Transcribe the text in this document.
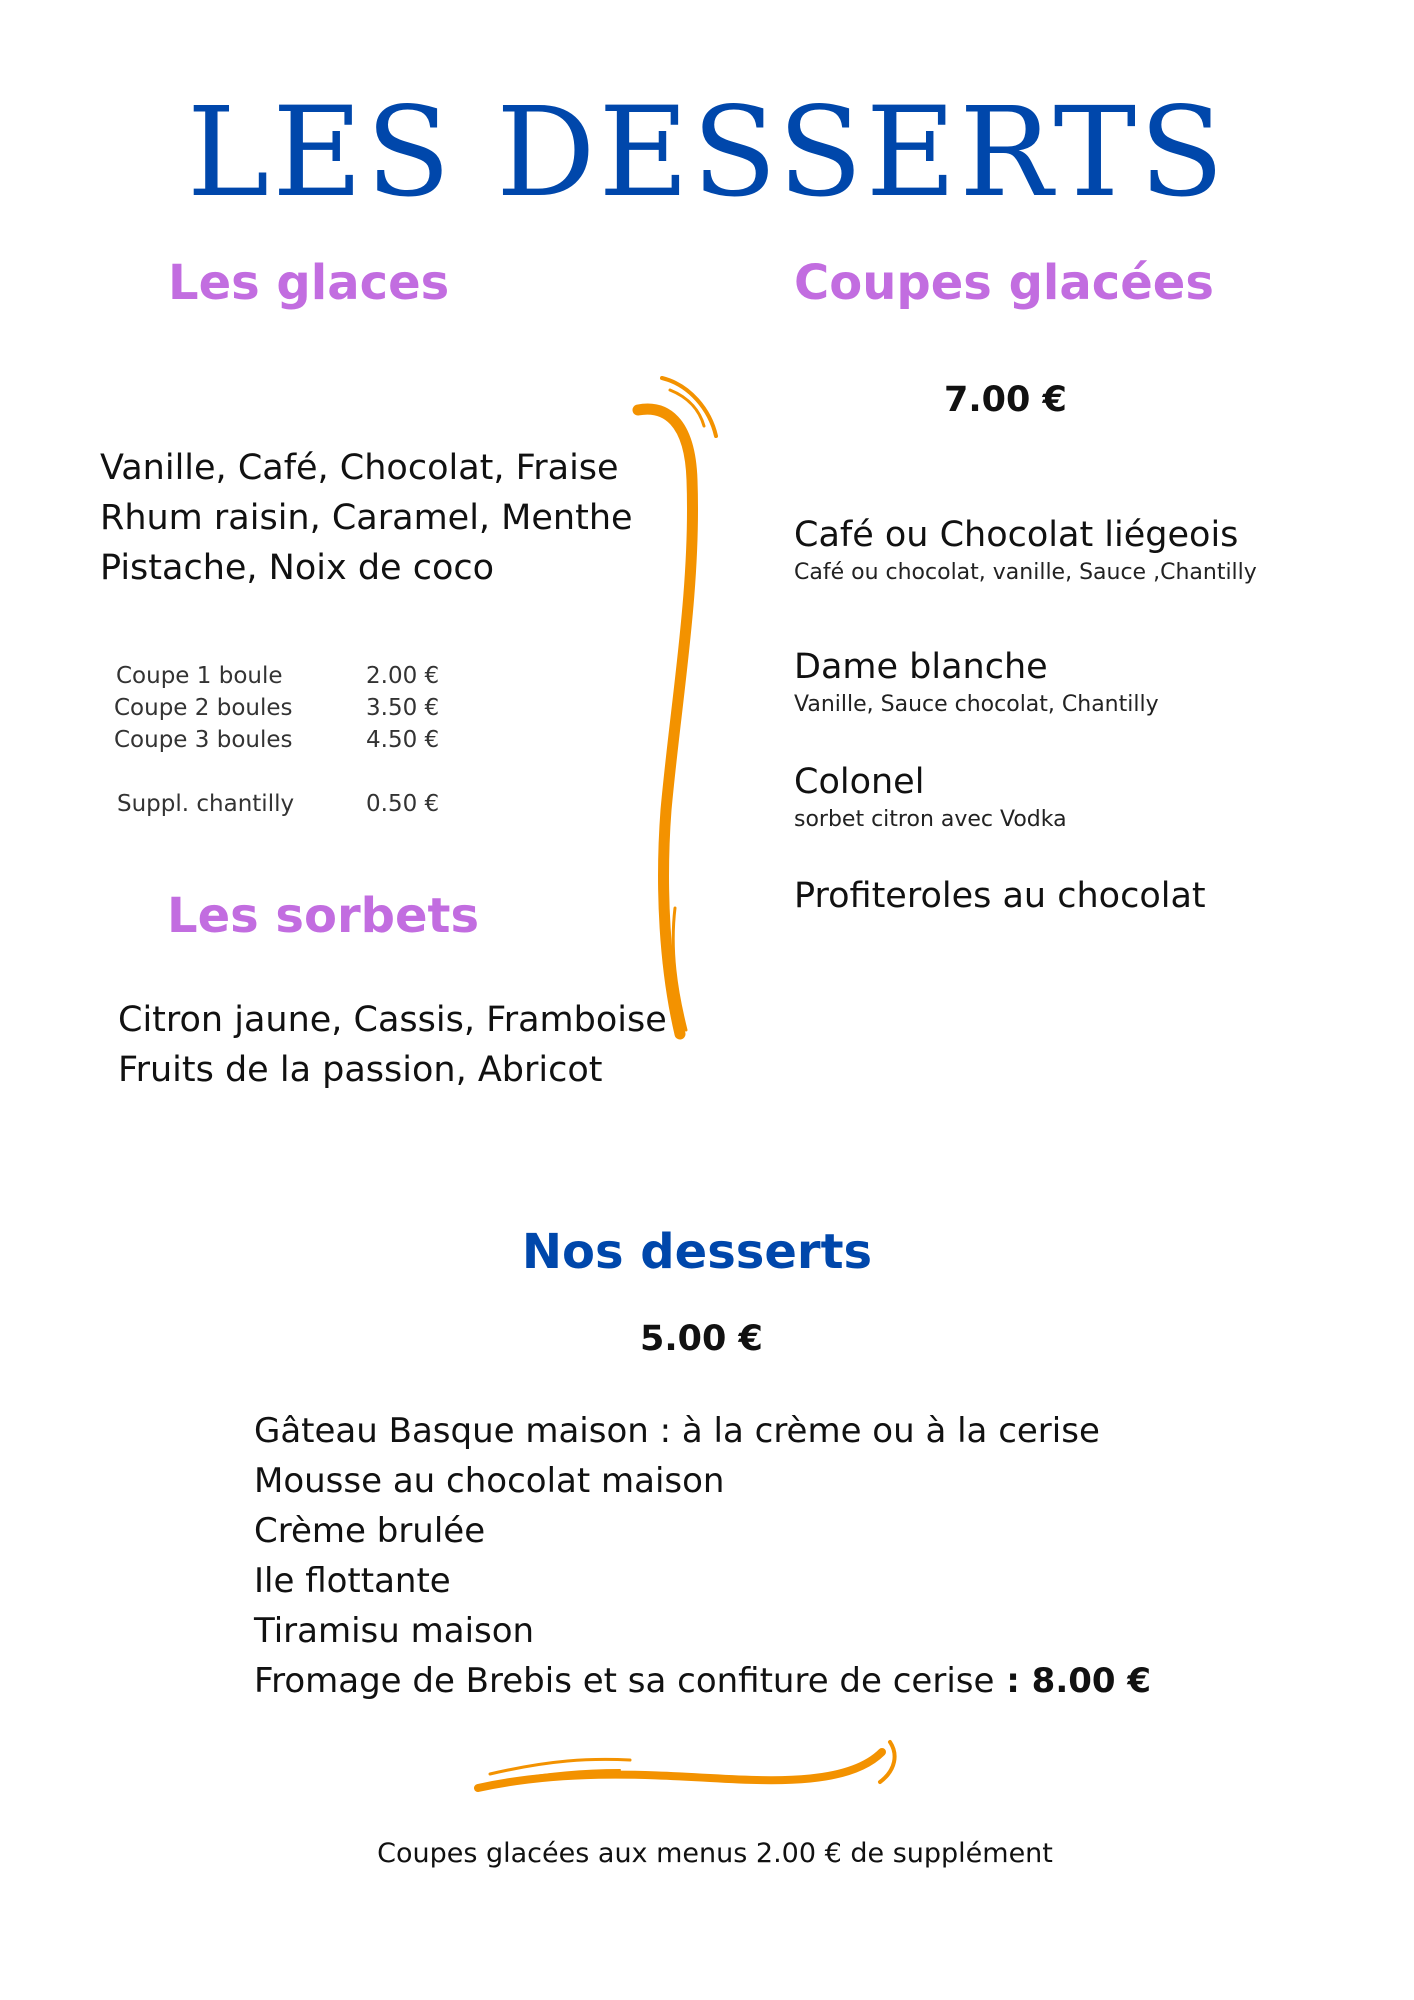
LES DESSERTS
Les glaces
Vanille, Café, Chocolat, Fraise
Rhum raisin, Caramel, Menthe
Pistache, Noix de coco
Coupe 1 boule	2.00 €
Coupe 2 boules	3.50 €
Coupe 3 boules	4.50 €
Suppl. chantilly	0.50 €
Les sorbets
Citron jaune, Cassis, Framboise
Fruits de la passion, Abricot
Coupes glacées
7.00 €
Café ou Chocolat liégeois
Café ou chocolat, vanille, Sauce ,Chantilly
Dame blanche
Vanille, Sauce chocolat, Chantilly
Colonel
sorbet citron avec Vodka
Profiteroles au chocolat
Nos desserts
5.00 €
Gâteau Basque maison : à la crème ou à la cerise
Mousse au chocolat maison
Crème brulée
Ile flottante
Tiramisu maison
Fromage de Brebis et sa confiture de cerise : 8.00 €
Coupes glacées aux menus 2.00 € de supplément
